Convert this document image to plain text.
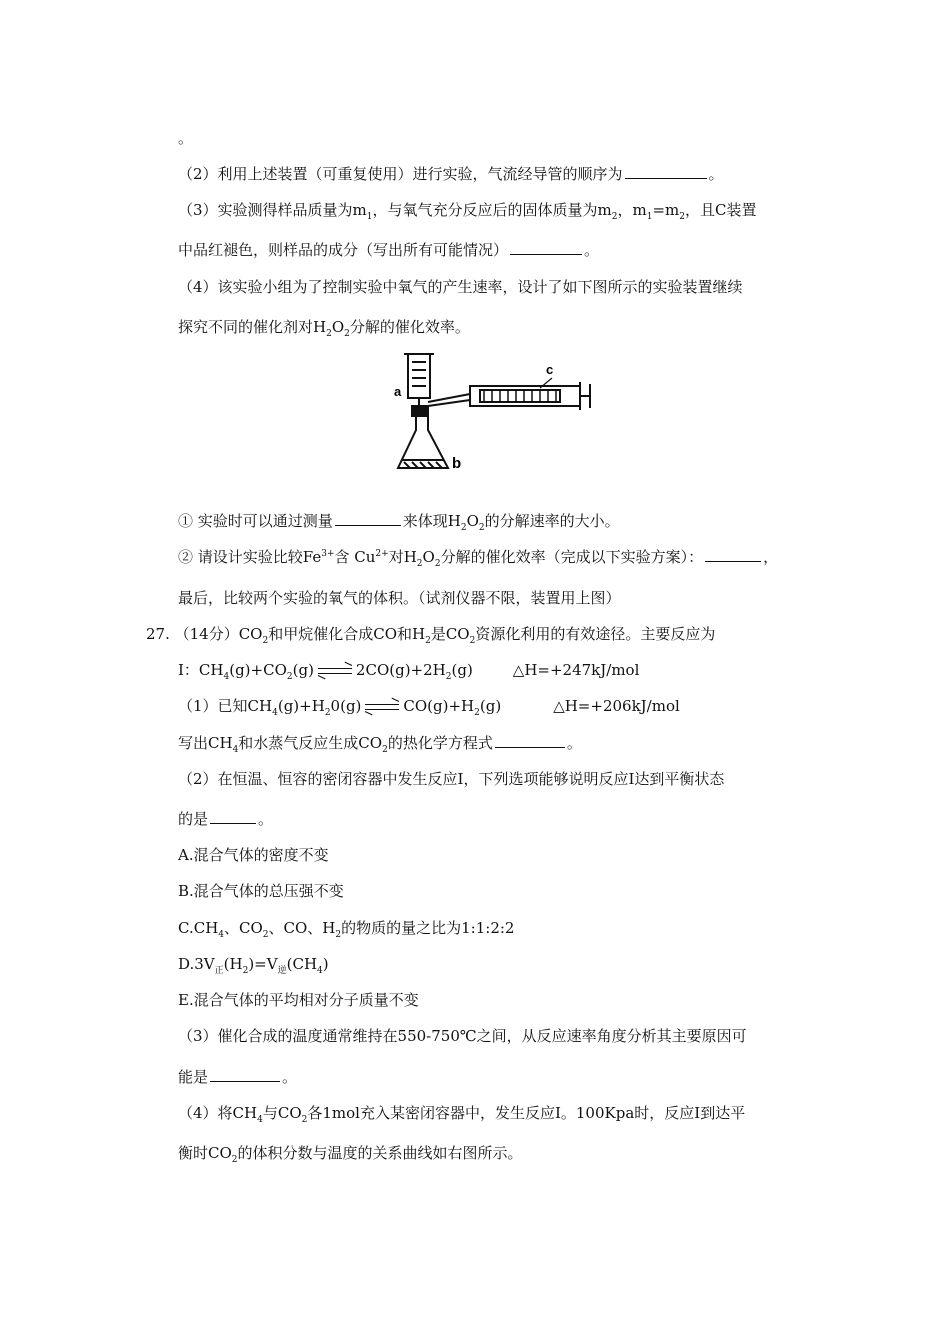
。
（2）利用上述装置（可重复使用）进行实验，气流经导管的顺序为	。
（3）实验测得样品质量为$m_1$，与氧气充分反应后的固体质量为$m_2$，$m_1=m_2$，且C装置
中品红褪色，则样品的成分（写出所有可能情况）	。
（4）该实验小组为了控制实验中氧气的产生速率，设计了如下图所示的实验装置继续
探究不同的催化剂对$H_2O_2$分解的催化效率。
a
b
c
① 实验时可以通过测量	来体现$H_2O_2$的分解速率的大小。
② 请设计实验比较$Fe^{3+}$含 $Cu^{2+}$对$H_2O_2$分解的催化效率（完成以下实验方案）：	，
最后，比较两个实验的氧气的体积。（试剂仪器不限，装置用上图）
27. （14分）$CO_2$和甲烷催化合成CO和$H_2$是$CO_2$资源化利用的有效途径。主要反应为
Ⅰ：$CH_4(g)+CO_2(g)$	$2CO(g)+2H_2(g)$	△H=+247kJ/mol
（1）已知$CH_4(g)+H_20(g)$	$CO(g)+H_2(g)$	△H=+206kJ/mol
写出$CH_4$和水蒸气反应生成$CO_2$的热化学方程式	。
（2）在恒温、恒容的密闭容器中发生反应Ⅰ，下列选项能够说明反应Ⅰ达到平衡状态
的是	。
A.混合气体的密度不变
B.混合气体的总压强不变
$C.CH_4$、$CO_2$、CO、$H_2$的物质的量之比为1:1:2:2
$D.3V_正(H_2)=V_逆(CH_4)$
E.混合气体的平均相对分子质量不变
（3）催化合成的温度通常维持在550-750℃之间，从反应速率角度分析其主要原因可
能是	。
（4）将$CH_4$与$CO_2$各1mol充入某密闭容器中，发生反应Ⅰ。100Kpa时，反应Ⅰ到达平
衡时$CO_2$的体积分数与温度的关系曲线如右图所示。
